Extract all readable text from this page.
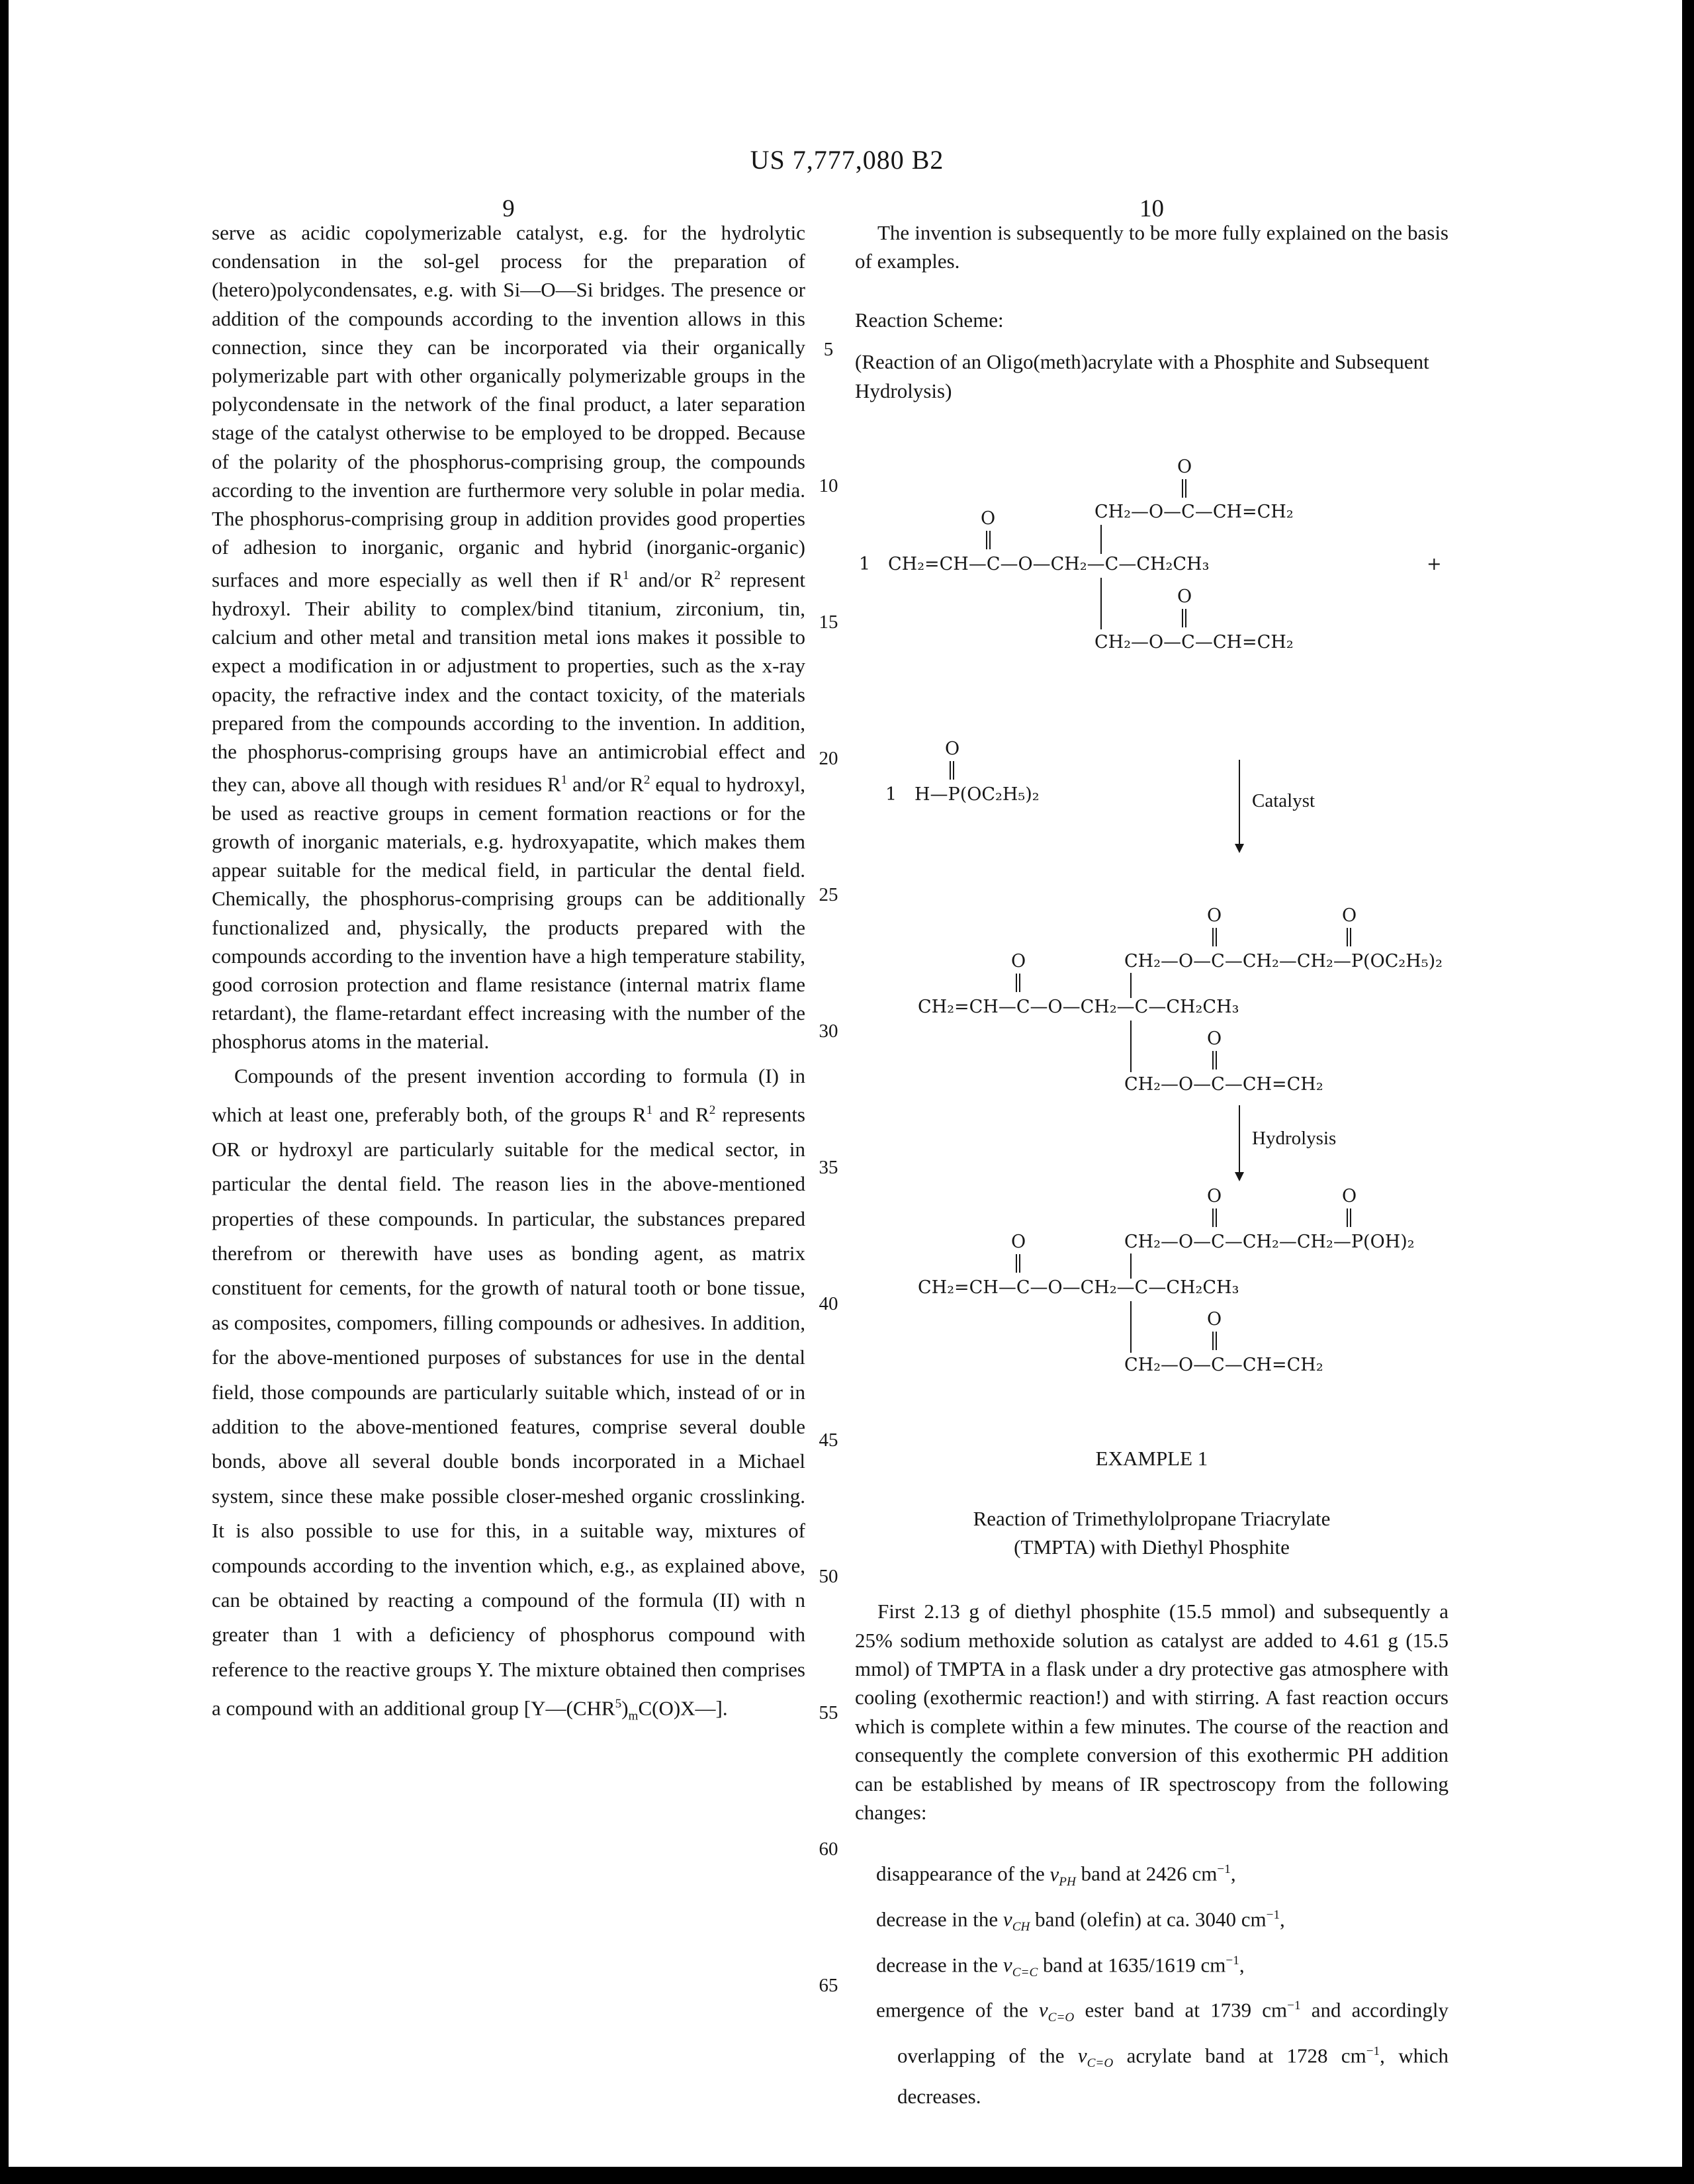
US 7,777,080 B2
9	10
5
10
15
20
25
30
35
40
45
50
55
60
65

serve as acidic copolymerizable catalyst, e.g. for the hydrolytic condensation in the sol-gel process for the preparation of (hetero)polycondensates, e.g. with Si—O—Si bridges. The presence or addition of the compounds according to the invention allows in this connection, since they can be incorporated via their organically polymerizable part with other organically polymerizable groups in the polycondensate in the network of the final product, a later separation stage of the catalyst otherwise to be employed to be dropped. Because of the polarity of the phosphorus-comprising group, the compounds according to the invention are furthermore very soluble in polar media. The phosphorus-comprising group in addition provides good properties of adhesion to inorganic, organic and hybrid (inorganic-organic) surfaces and more especially as well then if $R^1$ and/or $R^2$ represent hydroxyl. Their ability to complex/bind titanium, zirconium, tin, calcium and other metal and transition metal ions makes it possible to expect a modification in or adjustment to properties, such as the x-ray opacity, the refractive index and the contact toxicity, of the materials prepared from the compounds according to the invention. In addition, the phosphorus-comprising groups have an antimicrobial effect and they can, above all though with residues $R^1$ and/or $R^2$ equal to hydroxyl, be used as reactive groups in cement formation reactions or for the growth of inorganic materials, e.g. hydroxyapatite, which makes them appear suitable for the medical field, in particular the dental field. Chemically, the phosphorus-comprising groups can be additionally functionalized and, physically, the products prepared with the compounds according to the invention have a high temperature stability, good corrosion protection and flame resistance (internal matrix flame retardant), the flame-retardant effect increasing with the number of the phosphorus atoms in the material.

Compounds of the present invention according to formula (I) in which at least one, preferably both, of the groups $R^1$ and $R^2$ represents OR or hydroxyl are particularly suitable for the medical sector, in particular the dental field. The reason lies in the above-mentioned properties of these compounds. In particular, the substances prepared therefrom or therewith have uses as bonding agent, as matrix constituent for cements, for the growth of natural tooth or bone tissue, as composites, compomers, filling compounds or adhesives. In addition, for the above-mentioned purposes of substances for use in the dental field, those compounds are particularly suitable which, instead of or in addition to the above-mentioned features, comprise several double bonds, above all several double bonds incorporated in a Michael system, since these make possible closer-meshed organic crosslinking. It is also possible to use for this, in a suitable way, mixtures of compounds according to the invention which, e.g., as explained above, can be obtained by reacting a compound of the formula (II) with n greater than 1 with a deficiency of phosphorus compound with reference to the reactive groups Y. The mixture obtained then comprises a compound with an additional group $[Y—(CHR^5)_mC(O)X—]$.

The invention is subsequently to be more fully explained on the basis of examples.

Reaction Scheme:

(Reaction of an Oligo(meth)acrylate with a Phosphite and Subsequent Hydrolysis)

O
CH₂—O—C—CH=CH₂
O
1 CH₂=CH—C—O—CH₂—C—CH₂CH₃	+
O
CH₂—O—C—CH=CH₂
O
1 H—P(OC₂H₅)₂	Catalyst
O	O
CH₂—O—C—CH₂—CH₂—P(OC₂H₅)₂
O
CH₂=CH—C—O—CH₂—C—CH₂CH₃
O
CH₂—O—C—CH=CH₂
Hydrolysis
O	O
CH₂—O—C—CH₂—CH₂—P(OH)₂
O
CH₂=CH—C—O—CH₂—C—CH₂CH₃
O
CH₂—O—C—CH=CH₂

EXAMPLE 1

Reaction of Trimethylolpropane Triacrylate
(TMPTA) with Diethyl Phosphite

First 2.13 g of diethyl phosphite (15.5 mmol) and subsequently a 25% sodium methoxide solution as catalyst are added to 4.61 g (15.5 mmol) of TMPTA in a flask under a dry protective gas atmosphere with cooling (exothermic reaction!) and with stirring. A fast reaction occurs which is complete within a few minutes. The course of the reaction and consequently the complete conversion of this exothermic PH addition can be established by means of IR spectroscopy from the following changes:

disappearance of the $\nu_{PH}$ band at 2426 $cm^{-1}$,

decrease in the $\nu_{CH}$ band (olefin) at ca. 3040 $cm^{-1}$,

decrease in the $\nu_{C=C}$ band at 1635/1619 $cm^{-1}$,

emergence of the $\nu_{C=O}$ ester band at 1739 $cm^{-1}$ and accordingly overlapping of the $\nu_{C=O}$ acrylate band at 1728 $cm^{-1}$, which decreases.
